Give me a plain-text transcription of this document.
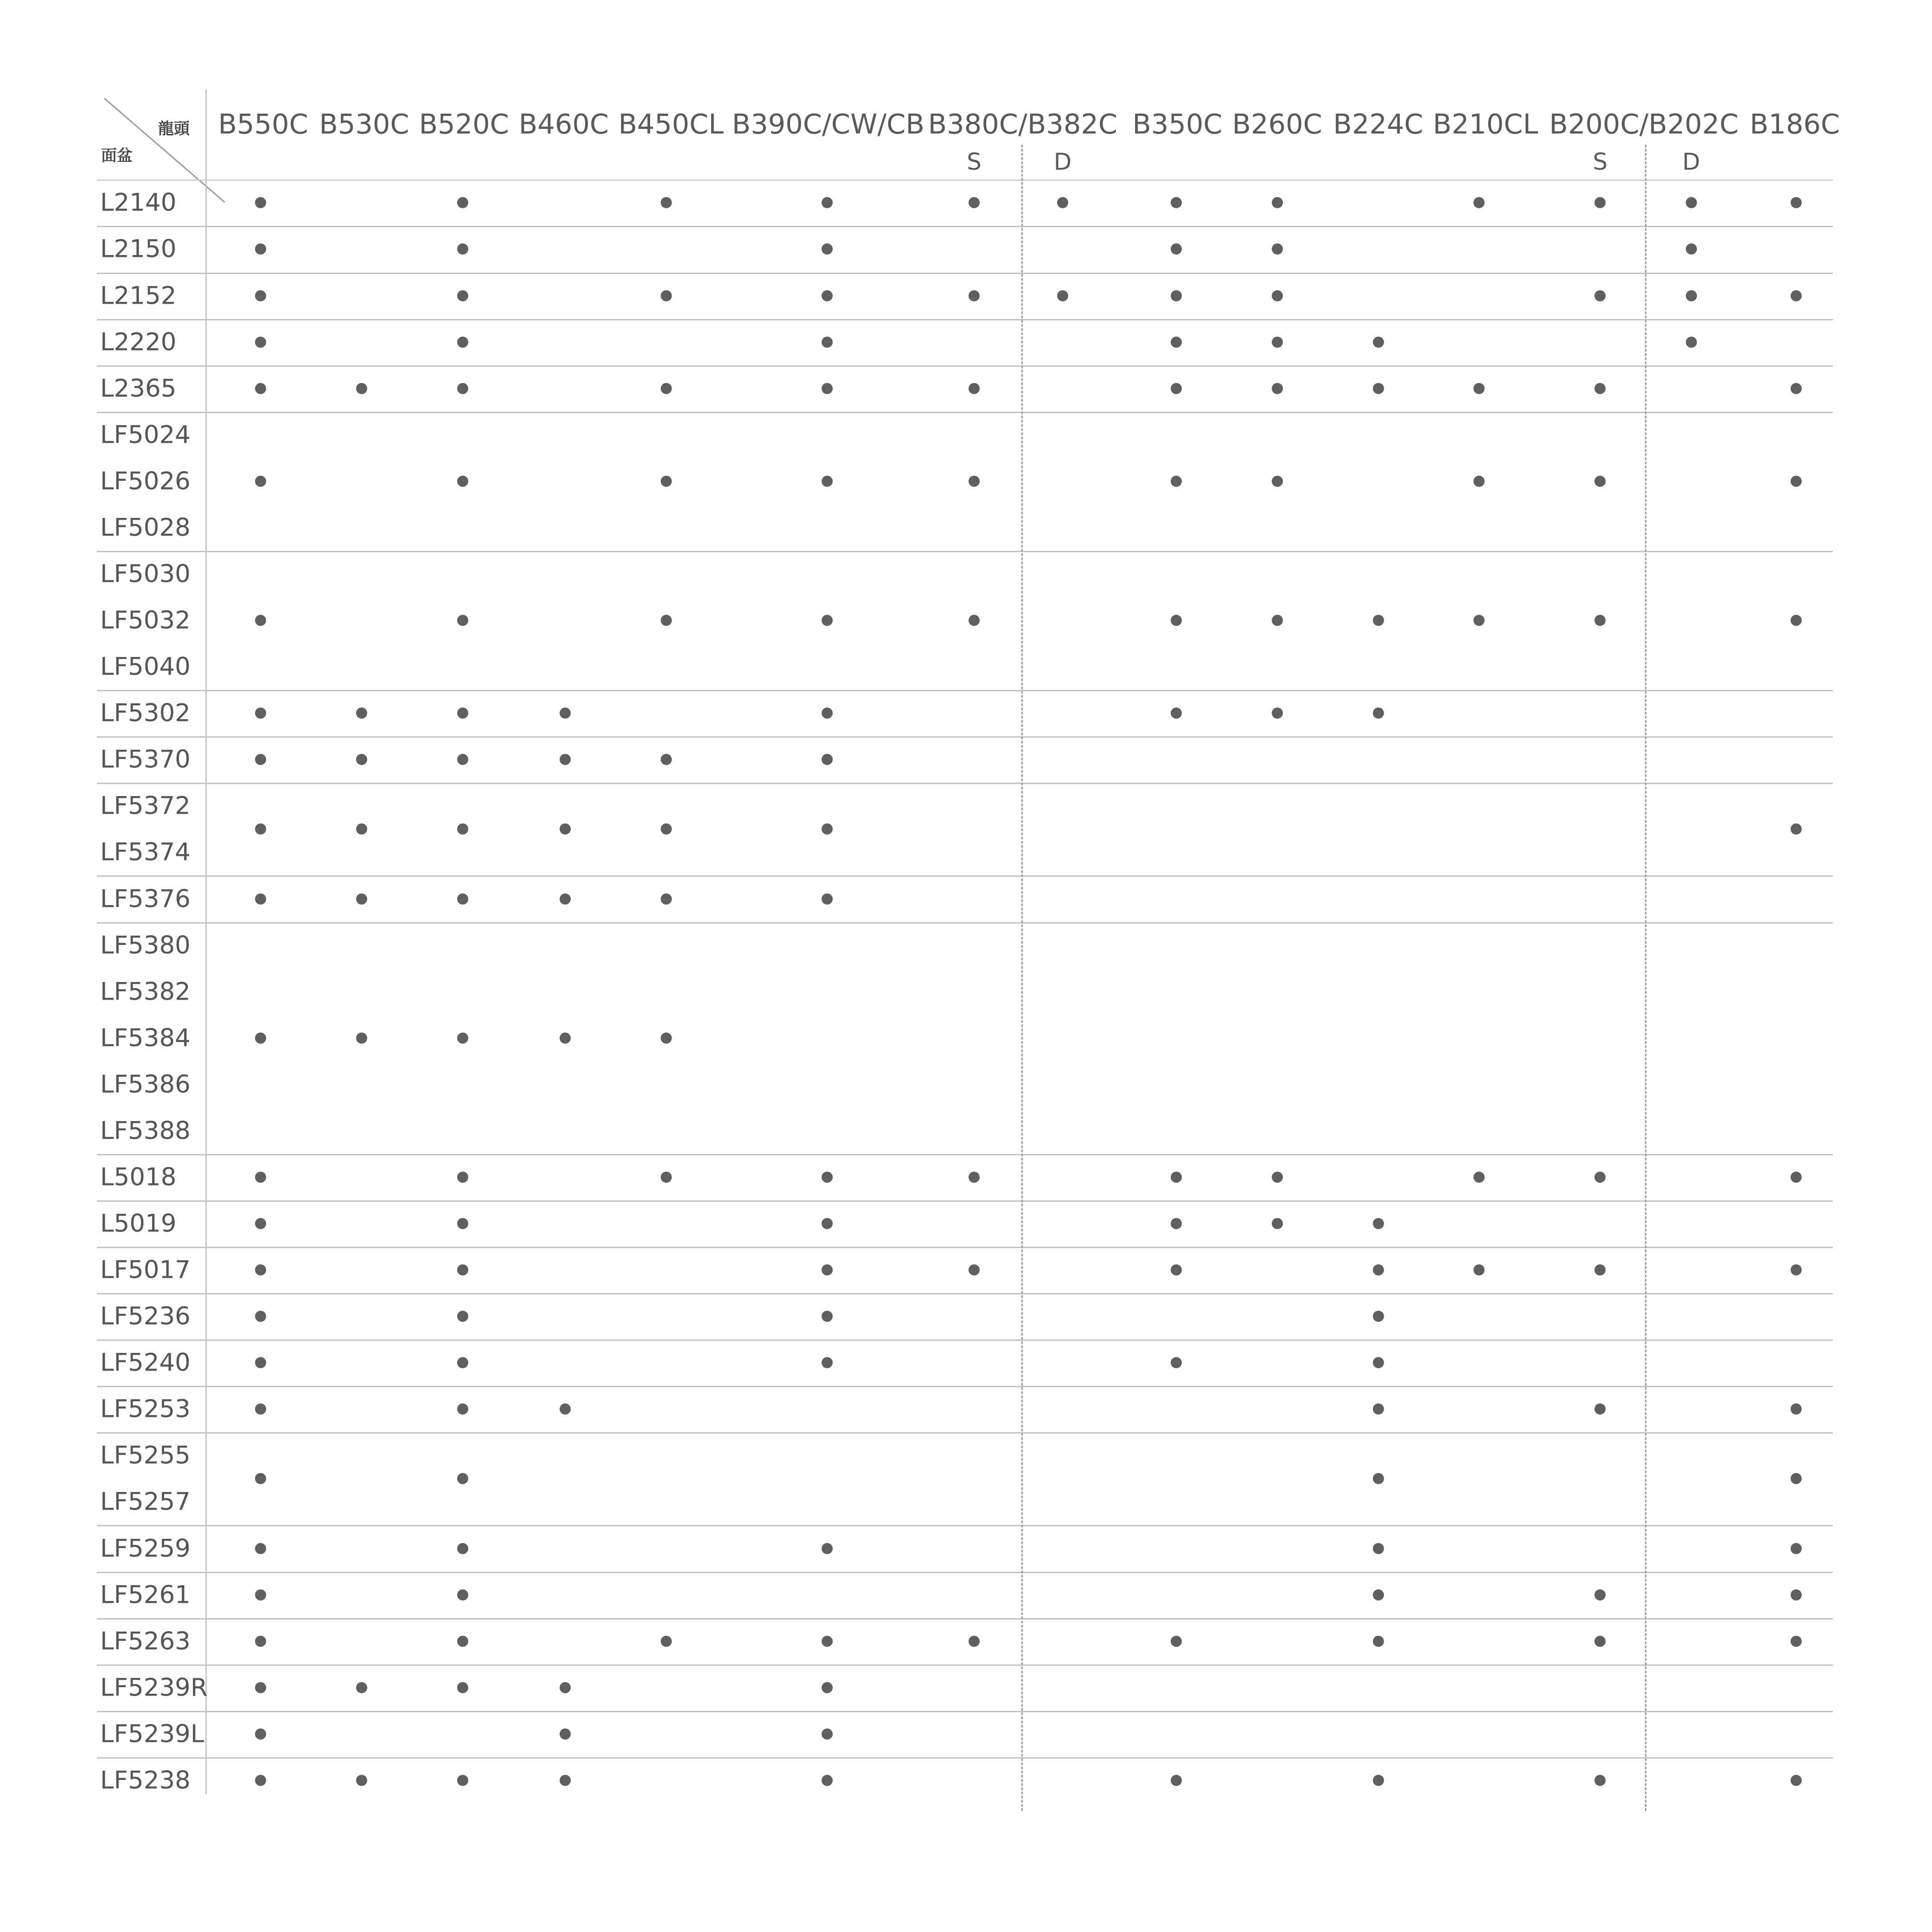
龍頭
面盆
B550C B530C B520C B460C B450CL B390C/CW/CB B380C/B382C
S	D
B350C B260C B224C B210CL B200C/B202C
S	D
B186C
L2140
L2150
L2152
L2220
L2365
LF5024
LF5026
LF5028
LF5030
LF5032
LF5040
LF5302
LF5370
LF5372
LF5374
LF5376
LF5380
LF5382
LF5384
LF5386
LF5388
L5018
L5019
LF5017
LF5236
LF5240
LF5253
LF5255
LF5257
LF5259
LF5261
LF5263
LF5239R
LF5239L
LF5238
